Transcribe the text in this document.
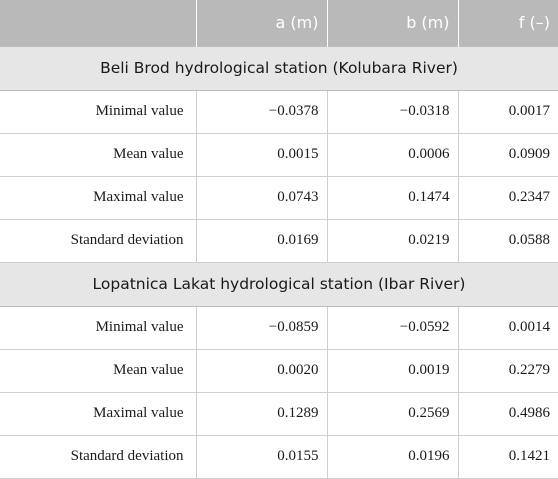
	a (m)	b (m)	f (–)
Beli Brod hydrological station (Kolubara River)			
Minimal value	−0.0378	−0.0318	0.0017
Mean value	0.0015	0.0006	0.0909
Maximal value	0.0743	0.1474	0.2347
Standard deviation	0.0169	0.0219	0.0588
Lopatnica Lakat hydrological station (Ibar River)			
Minimal value	−0.0859	−0.0592	0.0014
Mean value	0.0020	0.0019	0.2279
Maximal value	0.1289	0.2569	0.4986
Standard deviation	0.0155	0.0196	0.1421
